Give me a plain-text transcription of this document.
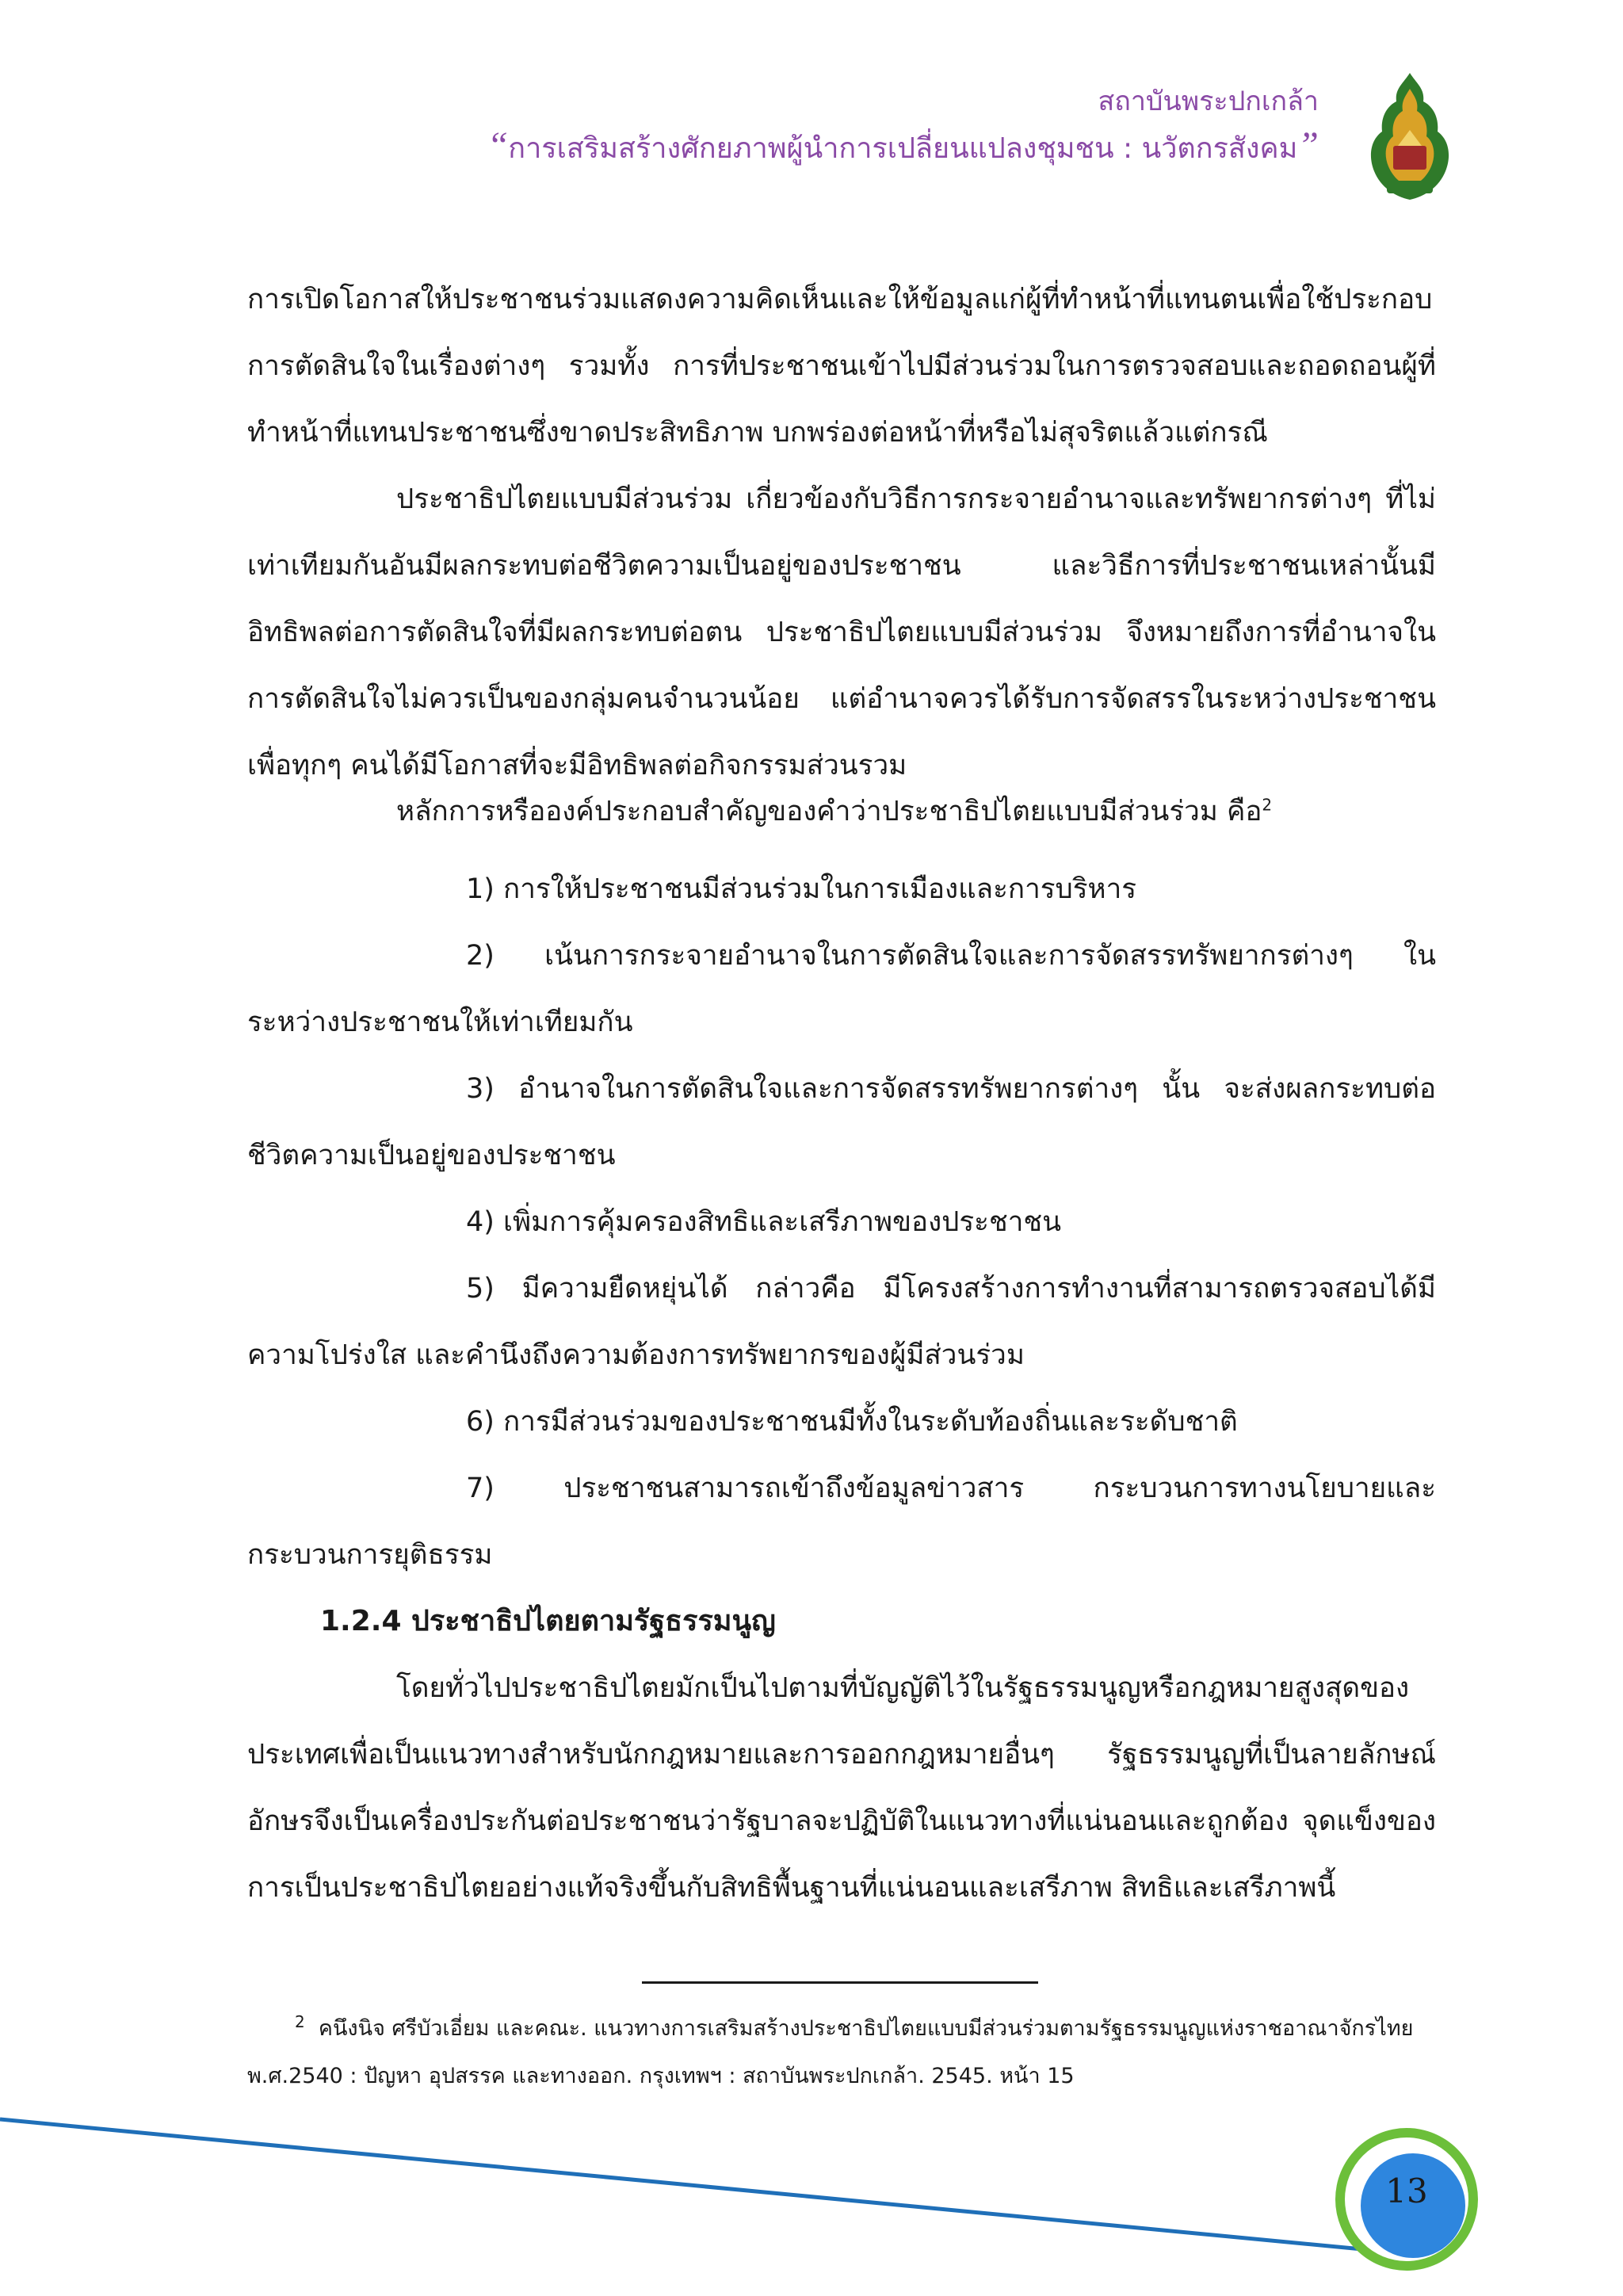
สถาบันพระปกเกล้า
“การเสริมสร้างศักยภาพผู้นำการเปลี่ยนแปลงชุมชน : นวัตกรสังคม”
การเปิดโอกาสให้ประชาชนร่วมแสดงความคิดเห็นและให้ข้อมูลแก่ผู้ที่ทำหน้าที่แทนตนเพื่อใช้ประกอบการตัดสินใจในเรื่องต่างๆ รวมทั้ง การที่ประชาชนเข้าไปมีส่วนร่วมในการตรวจสอบและถอดถอนผู้ที่ทำหน้าที่แทนประชาชนซึ่งขาดประสิทธิภาพ บกพร่องต่อหน้าที่หรือไม่สุจริตแล้วแต่กรณี
ประชาธิปไตยแบบมีส่วนร่วม เกี่ยวข้องกับวิธีการกระจายอำนาจและทรัพยากรต่างๆ ที่ไม่เท่าเทียมกันอันมีผลกระทบต่อชีวิตความเป็นอยู่ของประชาชน และวิธีการที่ประชาชนเหล่านั้นมีอิทธิพลต่อการตัดสินใจที่มีผลกระทบต่อตน ประชาธิปไตยแบบมีส่วนร่วม จึงหมายถึงการที่อำนาจในการตัดสินใจไม่ควรเป็นของกลุ่มคนจำนวนน้อย แต่อำนาจควรได้รับการจัดสรรในระหว่างประชาชนเพื่อทุกๆ คนได้มีโอกาสที่จะมีอิทธิพลต่อกิจกรรมส่วนรวม
หลักการหรือองค์ประกอบสำคัญของคำว่าประชาธิปไตยแบบมีส่วนร่วม คือ$^2$
1) การให้ประชาชนมีส่วนร่วมในการเมืองและการบริหาร
2) เน้นการกระจายอำนาจในการตัดสินใจและการจัดสรรทรัพยากรต่างๆ ในระหว่างประชาชนให้เท่าเทียมกัน
3) อำนาจในการตัดสินใจและการจัดสรรทรัพยากรต่างๆ นั้น จะส่งผลกระทบต่อชีวิตความเป็นอยู่ของประชาชน
4) เพิ่มการคุ้มครองสิทธิและเสรีภาพของประชาชน
5) มีความยืดหยุ่นได้ กล่าวคือ มีโครงสร้างการทำงานที่สามารถตรวจสอบได้มีความโปร่งใส และคำนึงถึงความต้องการทรัพยากรของผู้มีส่วนร่วม
6) การมีส่วนร่วมของประชาชนมีทั้งในระดับท้องถิ่นและระดับชาติ
7) ประชาชนสามารถเข้าถึงข้อมูลข่าวสาร กระบวนการทางนโยบายและกระบวนการยุติธรรม
1.2.4 ประชาธิปไตยตามรัฐธรรมนูญ
โดยทั่วไปประชาธิปไตยมักเป็นไปตามที่บัญญัติไว้ในรัฐธรรมนูญหรือกฎหมายสูงสุดของประเทศเพื่อเป็นแนวทางสำหรับนักกฎหมายและการออกกฎหมายอื่นๆ รัฐธรรมนูญที่เป็นลายลักษณ์อักษรจึงเป็นเครื่องประกันต่อประชาชนว่ารัฐบาลจะปฏิบัติในแนวทางที่แน่นอนและถูกต้อง จุดแข็งของการเป็นประชาธิปไตยอย่างแท้จริงขึ้นกับสิทธิพื้นฐานที่แน่นอนและเสรีภาพ สิทธิและเสรีภาพนี้
$^2$ คนึงนิจ ศรีบัวเอี่ยม และคณะ. แนวทางการเสริมสร้างประชาธิปไตยแบบมีส่วนร่วมตามรัฐธรรมนูญแห่งราชอาณาจักรไทย พ.ศ.2540 : ปัญหา อุปสรรค และทางออก. กรุงเทพฯ : สถาบันพระปกเกล้า. 2545. หน้า 15
13
